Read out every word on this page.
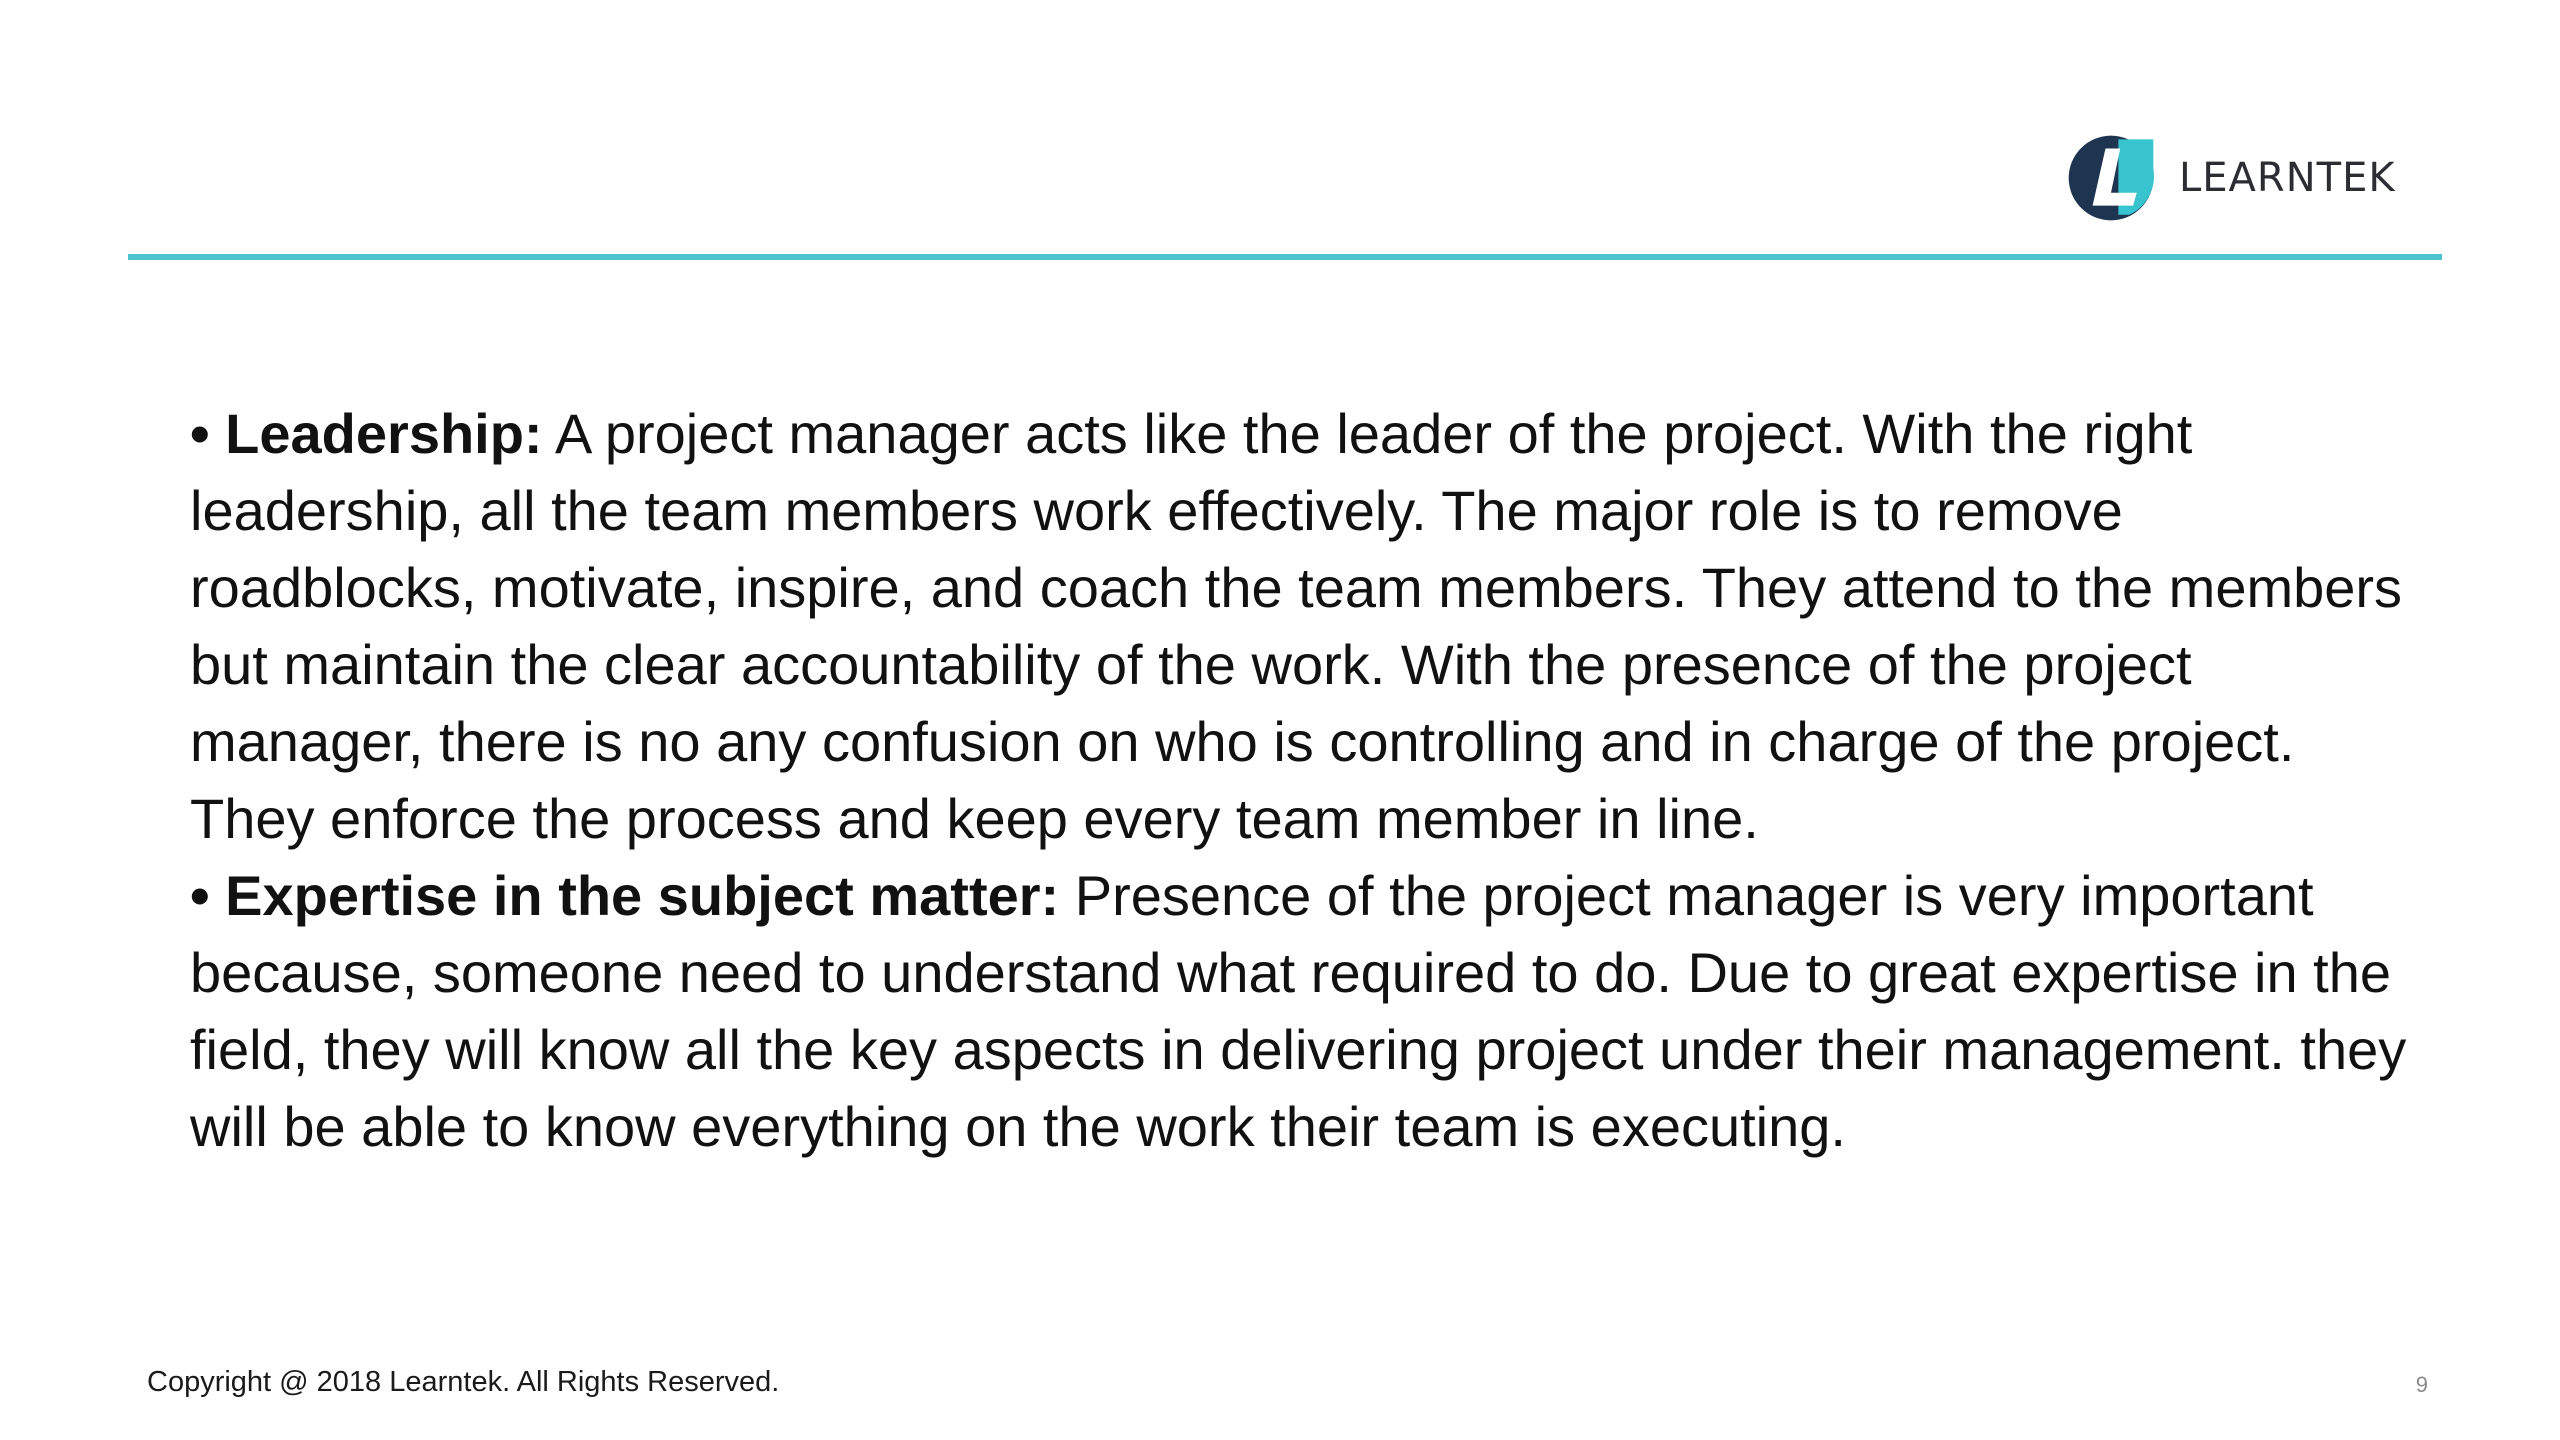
LEARNTEK

• Leadership: A project manager acts like the leader of the project. With the right leadership, all the team members work effectively. The major role is to remove roadblocks, motivate, inspire, and coach the team members. They attend to the members but maintain the clear accountability of the work. With the presence of the project manager, there is no any confusion on who is controlling and in charge of the project. They enforce the process and keep every team member in line.

• Expertise in the subject matter: Presence of the project manager is very important because, someone need to understand what required to do. Due to great expertise in the field, they will know all the key aspects in delivering project under their management. they will be able to know everything on the work their team is executing.

Copyright @ 2018 Learntek. All Rights Reserved.	9
